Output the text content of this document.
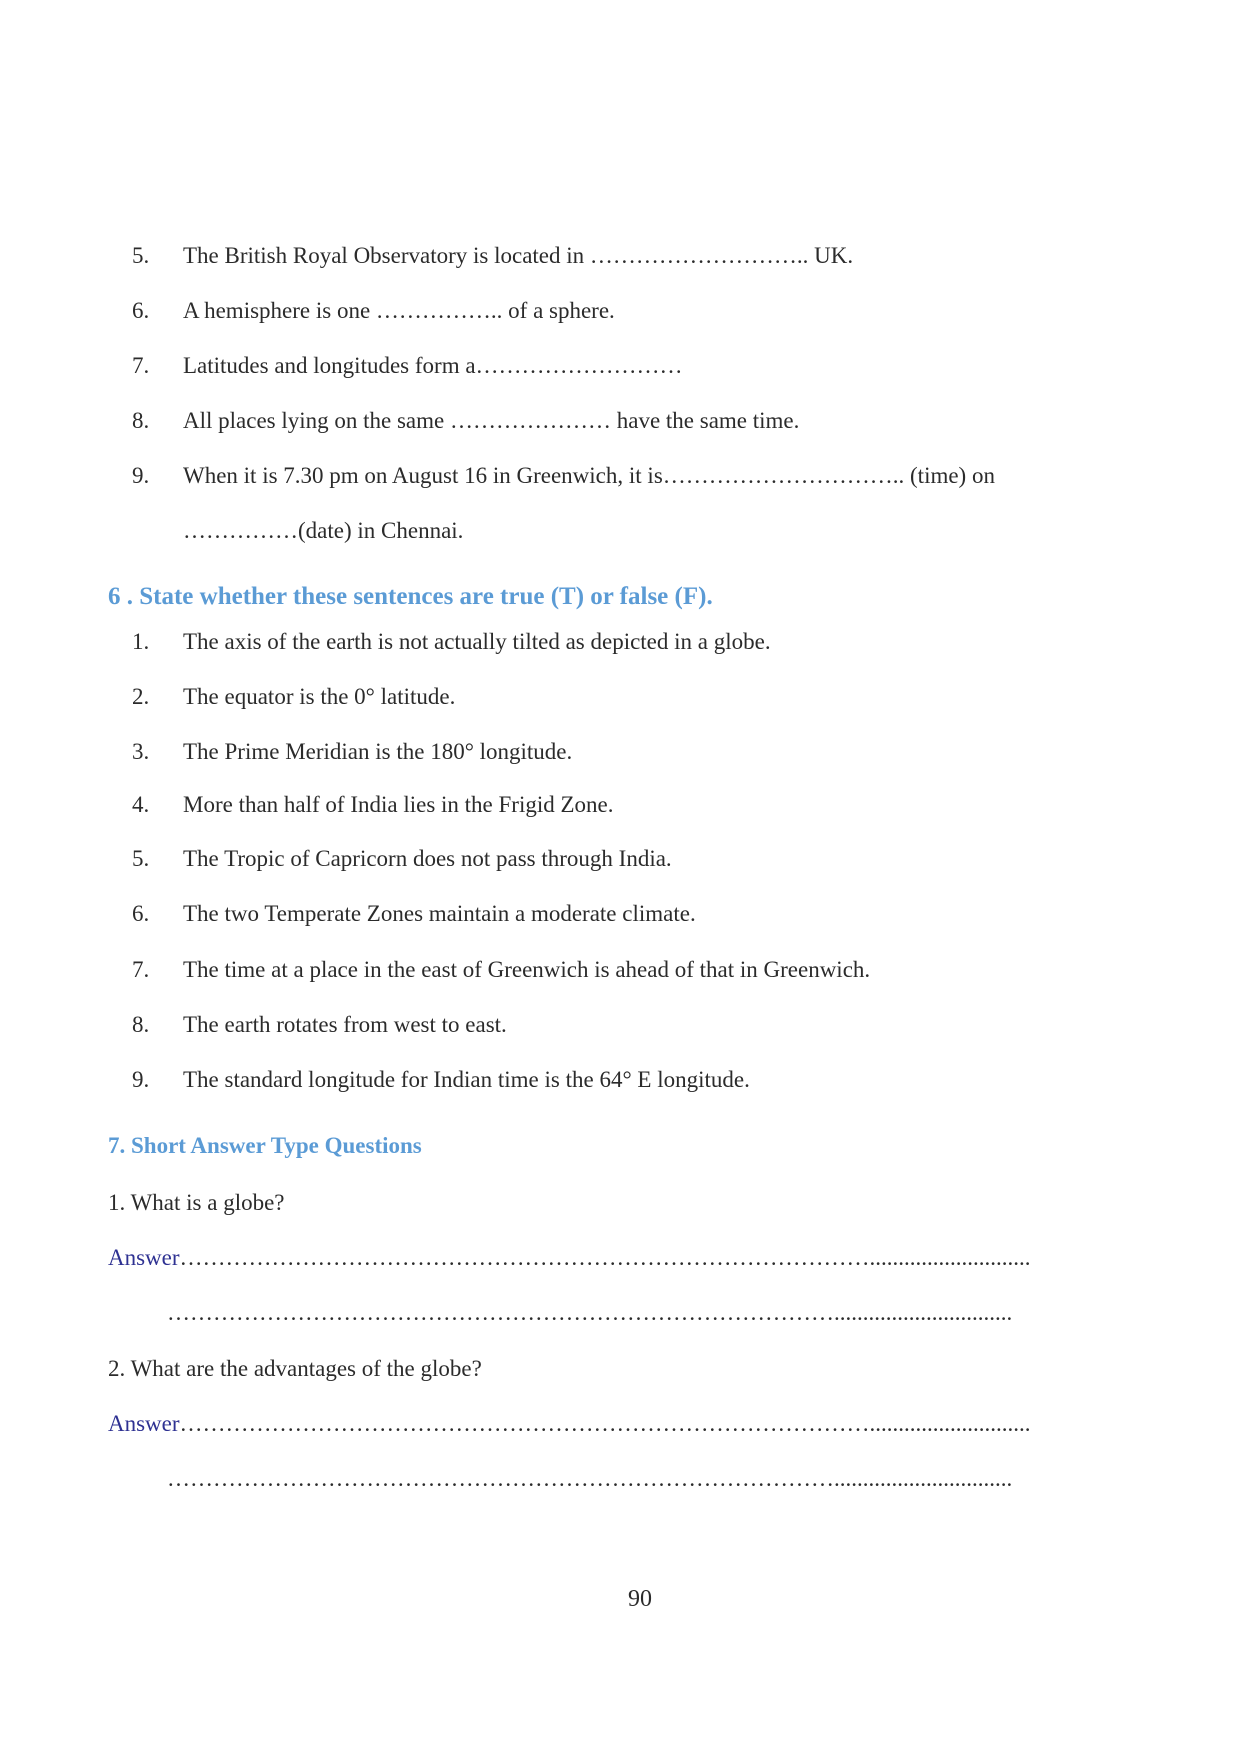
5. The British Royal Observatory is located in ……………………….. UK.
6. A hemisphere is one …………….. of a sphere.
7. Latitudes and longitudes form a………………………
8. All places lying on the same ………………… have the same time.
9. When it is 7.30 pm on August 16 in Greenwich, it is………………………….. (time) on
……………(date) in Chennai.
6 . State whether these sentences are true (T) or false (F).
1. The axis of the earth is not actually tilted as depicted in a globe.
2. The equator is the 0° latitude.
3. The Prime Meridian is the 180° longitude.
4. More than half of India lies in the Frigid Zone.
5. The Tropic of Capricorn does not pass through India.
6. The two Temperate Zones maintain a moderate climate.
7. The time at a place in the east of Greenwich is ahead of that in Greenwich.
8. The earth rotates from west to east.
9. The standard longitude for Indian time is the 64° E longitude.
7. Short Answer Type Questions
1. What is a globe?
Answer………………………………………………………………………………............................
……………………………………………………………………………...............................
2. What are the advantages of the globe?
Answer………………………………………………………………………………............................
……………………………………………………………………………...............................
90
